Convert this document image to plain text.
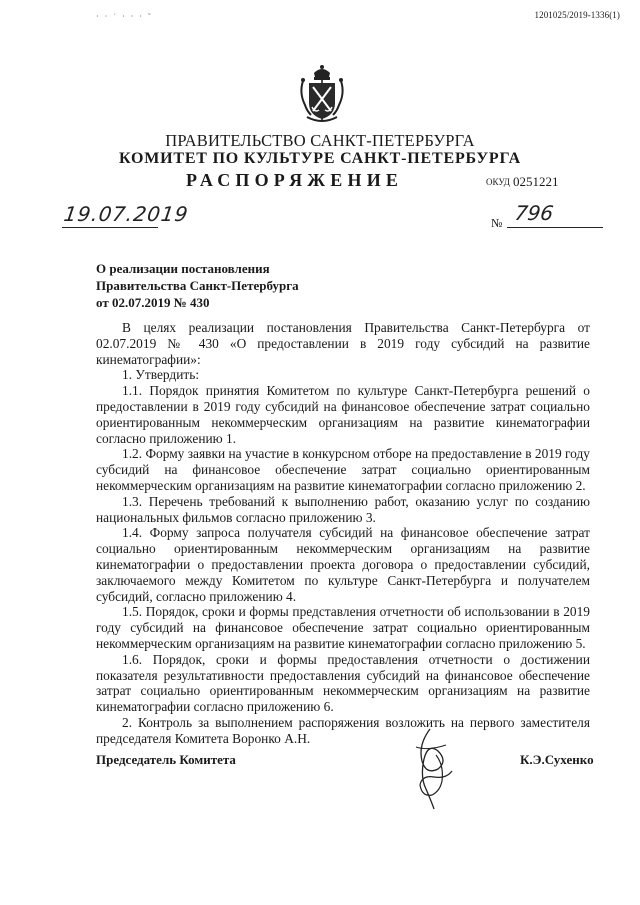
· · ˙ · · · ˜	1201025/2019-1336(1)
ПРАВИТЕЛЬСТВО САНКТ-ПЕТЕРБУРГА
КОМИТЕТ ПО КУЛЬТУРЕ САНКТ-ПЕТЕРБУРГА
РАСПОРЯЖЕНИЕ	ОКУД 0251221
19.07.2019	№ 796
О реализации постановления
Правительства Санкт-Петербурга
от 02.07.2019 № 430

В целях реализации постановления Правительства Санкт-Петербурга от 02.07.2019 № 430 «О предоставлении в 2019 году субсидий на развитие кинематографии»:

1. Утвердить:

1.1. Порядок принятия Комитетом по культуре Санкт-Петербурга решений о предоставлении в 2019 году субсидий на финансовое обеспечение затрат социально ориентированным некоммерческим организациям на развитие кинематографии согласно приложению 1.

1.2. Форму заявки на участие в конкурсном отборе на предоставление в 2019 году субсидий на финансовое обеспечение затрат социально ориентированным некоммерческим организациям на развитие кинематографии согласно приложению 2.

1.3. Перечень требований к выполнению работ, оказанию услуг по созданию национальных фильмов согласно приложению 3.

1.4. Форму запроса получателя субсидий на финансовое обеспечение затрат социально ориентированным некоммерческим организациям на развитие кинематографии о предоставлении проекта договора о предоставлении субсидий, заключаемого между Комитетом по культуре Санкт-Петербурга и получателем субсидий, согласно приложению 4.

1.5. Порядок, сроки и формы представления отчетности об использовании в 2019 году субсидий на финансовое обеспечение затрат социально ориентированным некоммерческим организациям на развитие кинематографии согласно приложению 5.

1.6. Порядок, сроки и формы предоставления отчетности о достижении показателя результативности предоставления субсидий на финансовое обеспечение затрат социально ориентированным некоммерческим организациям на развитие кинематографии согласно приложению 6.

2. Контроль за выполнением распоряжения возложить на первого заместителя председателя Комитета Воронко А.Н.

Председатель Комитета	К.Э.Сухенко
